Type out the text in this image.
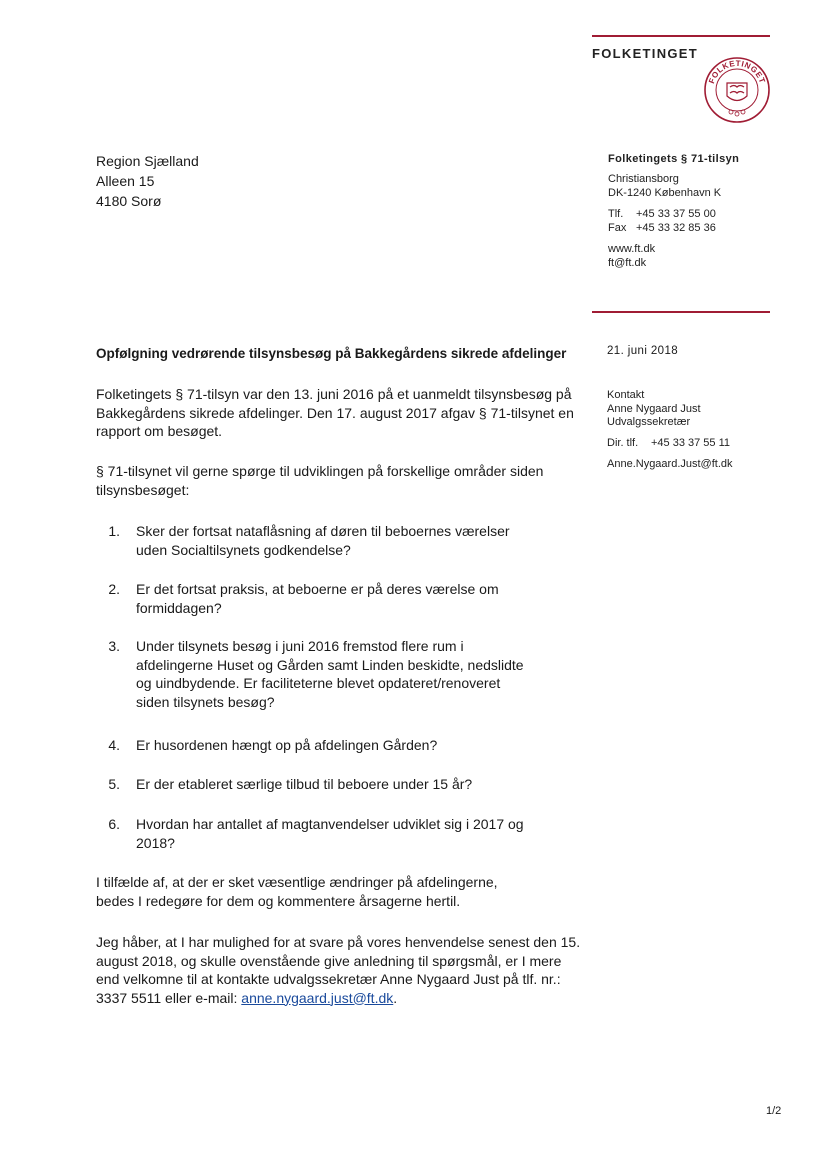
FOLKETINGET
FOLKETINGET
Region Sjælland
Alleen 15
4180 Sorø
Folketingets § 71-tilsyn
Christiansborg
DK-1240 København K
Tlf. +45 33 37 55 00
Fax +45 33 32 85 36
www.ft.dk
ft@ft.dk
Opfølgning vedrørende tilsynsbesøg på Bakkegårdens sikrede afdelinger	21. juni 2018
Kontakt
Anne Nygaard Just
Udvalgssekretær
Dir. tlf. +45 33 37 55 11
Anne.Nygaard.Just@ft.dk
Folketingets § 71-tilsyn var den 13. juni 2016 på et uanmeldt tilsynsbesøg på
Bakkegårdens sikrede afdelinger. Den 17. august 2017 afgav § 71-tilsynet en
rapport om besøget.
§ 71-tilsynet vil gerne spørge til udviklingen på forskellige områder siden
tilsynsbesøget:
1. Sker der fortsat nataflåsning af døren til beboernes værelser
uden Socialtilsynets godkendelse?
2. Er det fortsat praksis, at beboerne er på deres værelse om
formiddagen?
3. Under tilsynets besøg i juni 2016 fremstod flere rum i
afdelingerne Huset og Gården samt Linden beskidte, nedslidte
og uindbydende. Er faciliteterne blevet opdateret/renoveret
siden tilsynets besøg?
4. Er husordenen hængt op på afdelingen Gården?
5. Er der etableret særlige tilbud til beboere under 15 år?
6. Hvordan har antallet af magtanvendelser udviklet sig i 2017 og
2018?
I tilfælde af, at der er sket væsentlige ændringer på afdelingerne,
bedes I redegøre for dem og kommentere årsagerne hertil.
Jeg håber, at I har mulighed for at svare på vores henvendelse senest den 15.
august 2018, og skulle ovenstående give anledning til spørgsmål, er I mere
end velkomne til at kontakte udvalgssekretær Anne Nygaard Just på tlf. nr.:
3337 5511 eller e-mail: anne.nygaard.just@ft.dk.
1/2
